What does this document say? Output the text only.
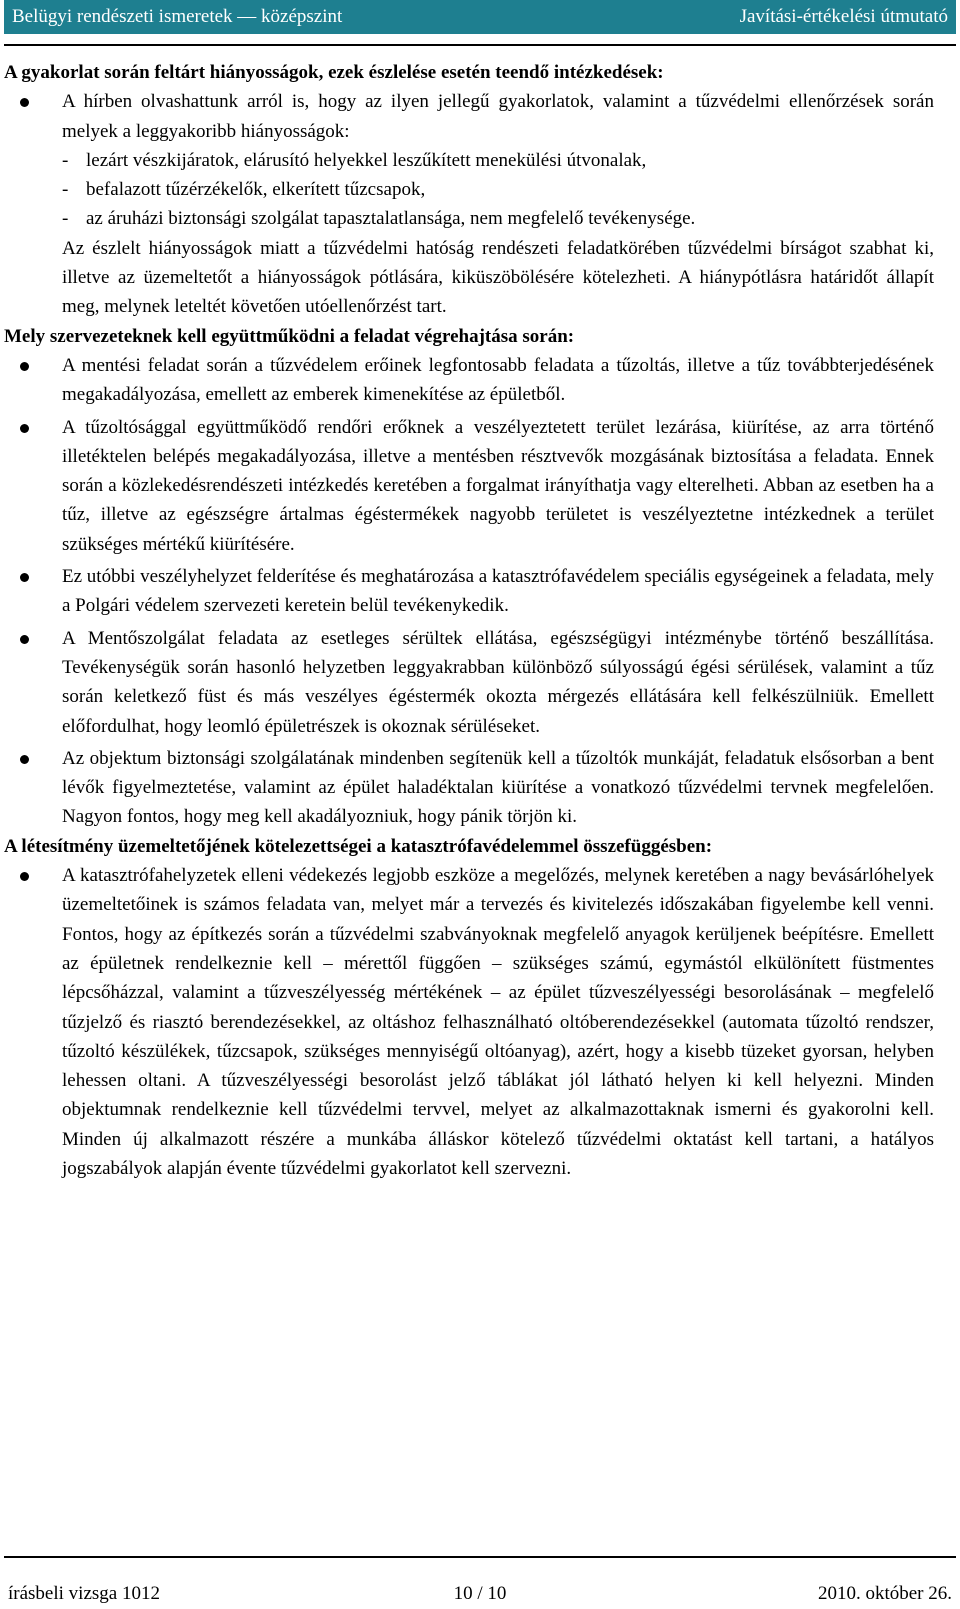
Belügyi rendészeti ismeretek — középszint	Javítási-értékelési útmutató

A gyakorlat során feltárt hiányosságok, ezek észlelése esetén teendő intézkedések:

A hírben olvashattunk arról is, hogy az ilyen jellegű gyakorlatok, valamint a tűzvédelmi ellenőrzések során melyek a leggyakoribb hiányosságok:
- lezárt vészkijáratok, elárusító helyekkel leszűkített menekülési útvonalak,
- befalazott tűzérzékelők, elkerített tűzcsapok,
- az áruházi biztonsági szolgálat tapasztalatlansága, nem megfelelő tevékenysége.

Az észlelt hiányosságok miatt a tűzvédelmi hatóság rendészeti feladatkörében tűzvédelmi bírságot szabhat ki, illetve az üzemeltetőt a hiányosságok pótlására, kiküszöbölésére kötelezheti. A hiánypótlásra határidőt állapít meg, melynek leteltét követően utóellenőrzést tart.

Mely szervezeteknek kell együttműködni a feladat végrehajtása során:

A mentési feladat során a tűzvédelem erőinek legfontosabb feladata a tűzoltás, illetve a tűz továbbterjedésének megakadályozása, emellett az emberek kimenekítése az épületből.
A tűzoltósággal együttműködő rendőri erőknek a veszélyeztetett terület lezárása, kiürítése, az arra történő illetéktelen belépés megakadályozása, illetve a mentésben résztvevők mozgásának biztosítása a feladata. Ennek során a közlekedésrendészeti intézkedés keretében a forgalmat irányíthatja vagy elterelheti. Abban az esetben ha a tűz, illetve az egészségre ártalmas égéstermékek nagyobb területet is veszélyeztetne intézkednek a terület szükséges mértékű kiürítésére.
Ez utóbbi veszélyhelyzet felderítése és meghatározása a katasztrófavédelem speciális egységeinek a feladata, mely a Polgári védelem szervezeti keretein belül tevékenykedik.
A Mentőszolgálat feladata az esetleges sérültek ellátása, egészségügyi intézménybe történő beszállítása. Tevékenységük során hasonló helyzetben leggyakrabban különböző súlyosságú égési sérülések, valamint a tűz során keletkező füst és más veszélyes égéstermék okozta mérgezés ellátására kell felkészülniük. Emellett előfordulhat, hogy leomló épületrészek is okoznak sérüléseket.
Az objektum biztonsági szolgálatának mindenben segítenük kell a tűzoltók munkáját, feladatuk elsősorban a bent lévők figyelmeztetése, valamint az épület haladéktalan kiürítése a vonatkozó tűzvédelmi tervnek megfelelően. Nagyon fontos, hogy meg kell akadályozniuk, hogy pánik törjön ki.

A létesítmény üzemeltetőjének kötelezettségei a katasztrófavédelemmel összefüggésben:

A katasztrófahelyzetek elleni védekezés legjobb eszköze a megelőzés, melynek keretében a nagy bevásárlóhelyek üzemeltetőinek is számos feladata van, melyet már a tervezés és kivitelezés időszakában figyelembe kell venni. Fontos, hogy az építkezés során a tűzvédelmi szabványoknak megfelelő anyagok kerüljenek beépítésre. Emellett az épületnek rendelkeznie kell – mérettől függően – szükséges számú, egymástól elkülönített füstmentes lépcsőházzal, valamint a tűzveszélyesség mértékének – az épület tűzveszélyességi besorolásának – megfelelő tűzjelző és riasztó berendezésekkel, az oltáshoz felhasználható oltóberendezésekkel (automata tűzoltó rendszer, tűzoltó készülékek, tűzcsapok, szükséges mennyiségű oltóanyag), azért, hogy a kisebb tüzeket gyorsan, helyben lehessen oltani. A tűzveszélyességi besorolást jelző táblákat jól látható helyen ki kell helyezni. Minden objektumnak rendelkeznie kell tűzvédelmi tervvel, melyet az alkalmazottaknak ismerni és gyakorolni kell. Minden új alkalmazott részére a munkába álláskor kötelező tűzvédelmi oktatást kell tartani, a hatályos jogszabályok alapján évente tűzvédelmi gyakorlatot kell szervezni.
írásbeli vizsga 1012	10 / 10	2010. október 26.
